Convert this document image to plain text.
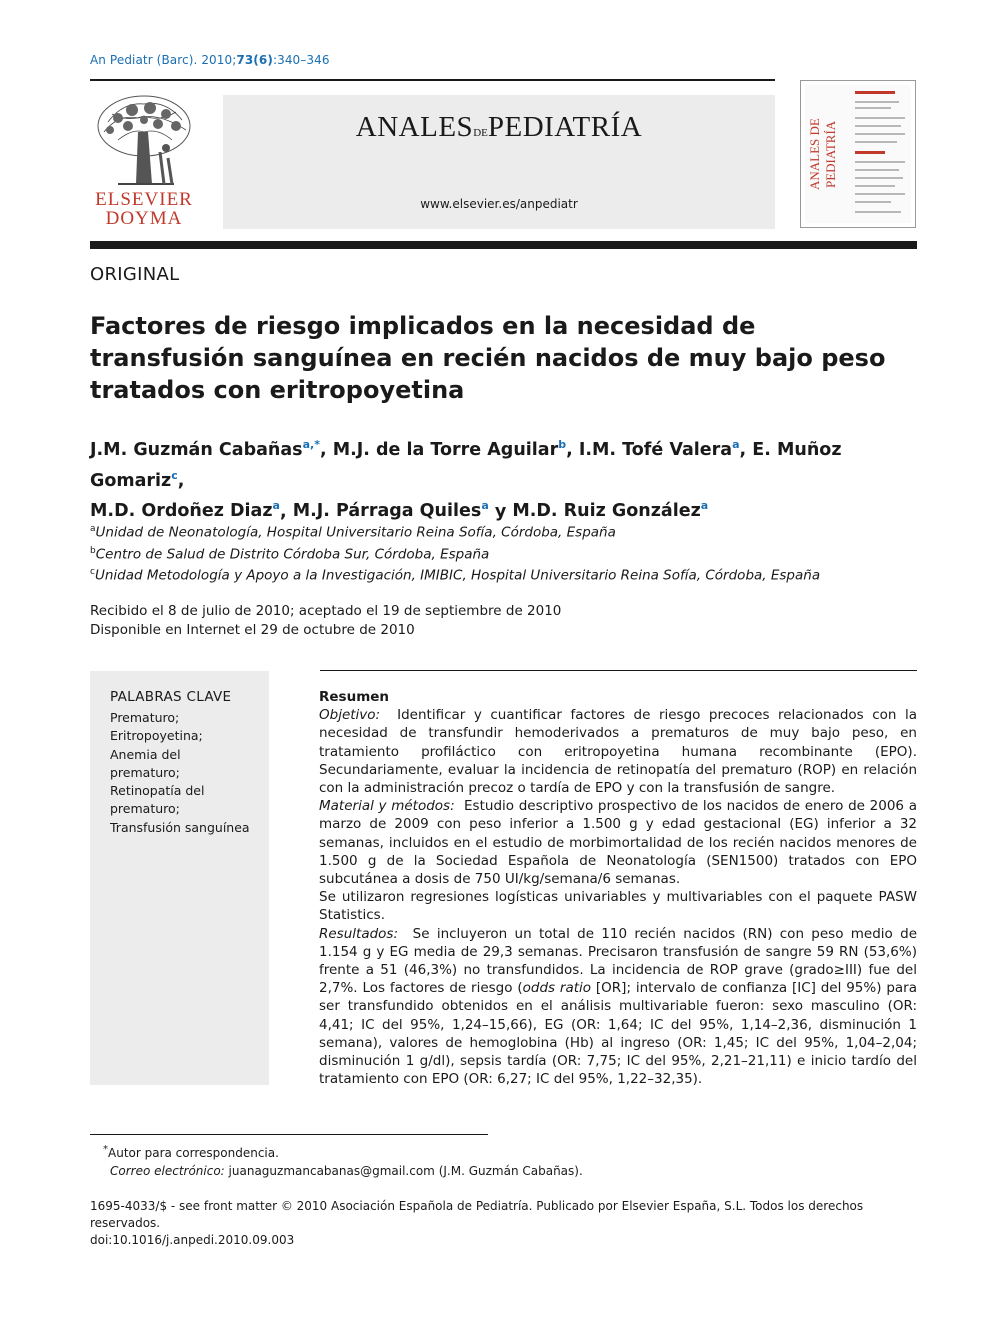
An Pediatr (Barc). 2010;73(6):340–346
ELSEVIER
DOYMA
ANALESDEPEDIATRÍA
www.elsevier.es/anpediatr
ANALES DE PEDIATRÍA
ORIGINAL
Factores de riesgo implicados en la necesidad de transfusión sanguínea en recién nacidos de muy bajo peso tratados con eritropoyetina
J.M. Guzmán Cabañas$^{a,*}$, M.J. de la Torre Aguilar$^b$, I.M. Tofé Valera$^a$, E. Muñoz Gomariz$^c$,
M.D. Ordoñez Diaz$^a$, M.J. Párraga Quiles$^a$ y M.D. Ruiz González$^a$
$^a$Unidad de Neonatología, Hospital Universitario Reina Sofía, Córdoba, España
$^b$Centro de Salud de Distrito Córdoba Sur, Córdoba, España
$^c$Unidad Metodología y Apoyo a la Investigación, IMIBIC, Hospital Universitario Reina Sofía, Córdoba, España
Recibido el 8 de julio de 2010; aceptado el 19 de septiembre de 2010
Disponible en Internet el 29 de octubre de 2010
PALABRAS CLAVE
Prematuro;
Eritropoyetina;
Anemia del
prematuro;
Retinopatía del
prematuro;
Transfusión sanguínea
Resumen

Objetivo: Identificar y cuantificar factores de riesgo precoces relacionados con la necesidad de transfundir hemoderivados a prematuros de muy bajo peso, en tratamiento profiláctico con eritropoyetina humana recombinante (EPO). Secundariamente, evaluar la incidencia de retinopatía del prematuro (ROP) en relación con la administración precoz o tardía de EPO y con la transfusión de sangre.

Material y métodos: Estudio descriptivo prospectivo de los nacidos de enero de 2006 a marzo de 2009 con peso inferior a 1.500 g y edad gestacional (EG) inferior a 32 semanas, incluidos en el estudio de morbimortalidad de los recién nacidos menores de 1.500 g de la Sociedad Española de Neonatología (SEN1500) tratados con EPO subcutánea a dosis de 750 UI/kg/semana/6 semanas.

Se utilizaron regresiones logísticas univariables y multivariables con el paquete PASW Statistics.

Resultados: Se incluyeron un total de 110 recién nacidos (RN) con peso medio de 1.154 g y EG media de 29,3 semanas. Precisaron transfusión de sangre 59 RN (53,6%) frente a 51 (46,3%) no transfundidos. La incidencia de ROP grave (grado≥III) fue del 2,7%. Los factores de riesgo (odds ratio [OR]; intervalo de confianza [IC] del 95%) para ser transfundido obtenidos en el análisis multivariable fueron: sexo masculino (OR: 4,41; IC del 95%, 1,24–15,66), EG (OR: 1,64; IC del 95%, 1,14–2,36, disminución 1 semana), valores de hemoglobina (Hb) al ingreso (OR: 1,45; IC del 95%, 1,04–2,04; disminución 1 g/dl), sepsis tardía (OR: 7,75; IC del 95%, 2,21–21,11) e inicio tardío del tratamiento con EPO (OR: 6,27; IC del 95%, 1,22–32,35).

*Autor para correspondencia.
Correo electrónico: juanaguzmancabanas@gmail.com (J.M. Guzmán Cabañas).
1695-4033/$ - see front matter © 2010 Asociación Española de Pediatría. Publicado por Elsevier España, S.L. Todos los derechos reservados.
doi:10.1016/j.anpedi.2010.09.003
